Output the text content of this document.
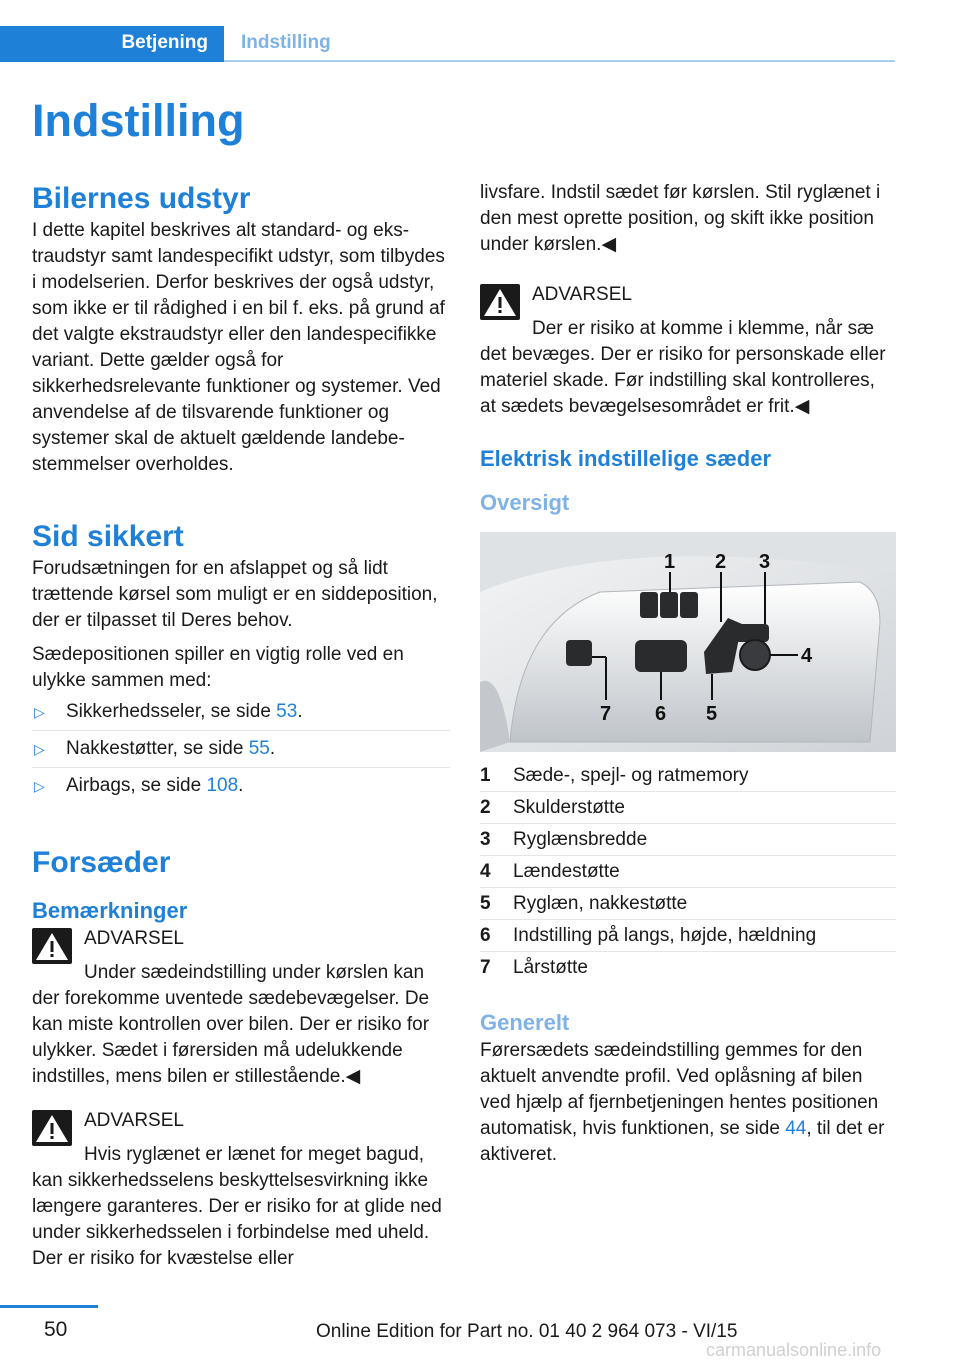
Betjening Indstilling
Indstilling
Bilernes udstyr

I dette kapitel beskrives alt standard- og ekstraudstyr samt landespecifikt udstyr, som tilbydes i modelserien. Derfor beskrives der også udstyr, som ikke er til rådighed i en bil f. eks. på grund af det valgte ekstraudstyr eller den landespecifikke variant. Dette gælder også for sikkerhedsrelevante funktioner og systemer. Ved anvendelse af de tilsvarende funktioner og systemer skal de aktuelt gældende landebestemmelser overholdes.

Sid sikkert

Forudsætningen for en afslappet og så lidt trættende kørsel som muligt er en siddeposition, der er tilpasset til Deres behov.

Sædepositionen spiller en vigtig rolle ved en ulykke sammen med:

▷ Sikkerhedsseler, se side 53.
▷ Nakkestøtter, se side 55.
▷ Airbags, se side 108.
Forsæder
Bemærkninger
ADVARSEL
Under sædeindstilling under kørslen kan

der forekomme uventede sædebevægelser. De kan miste kontrollen over bilen. Der er risiko for ulykker. Sædet i førersiden må udelukkende indstilles, mens bilen er stillestående.◀

ADVARSEL
Hvis ryglænet er lænet for meget bagud,

kan sikkerhedsselens beskyttelsesvirkning ikke længere garanteres. Der er risiko for at glide ned under sikkerhedsselen i forbindelse med uheld. Der er risiko for kvæstelse eller

livsfare. Indstil sædet før kørslen. Stil ryglænet i den mest oprette position, og skift ikke position under kørslen.◀

ADVARSEL
Der er risiko at komme i klemme, når sæ

det bevæges. Der er risiko for personskade eller materiel skade. Før indstilling skal kontrolleres, at sædets bevægelsesområdet er frit.◀

Elektrisk indstillelige sæder
Oversigt
1 2 3
4
5
6
7
1	Sæde-, spejl- og ratmemory
2	Skulderstøtte
3	Ryglænsbredde
4	Lændestøtte
5	Ryglæn, nakkestøtte
6	Indstilling på langs, højde, hældning
7	Lårstøtte
Generelt

Førersædets sædeindstilling gemmes for den aktuelt anvendte profil. Ved oplåsning af bilen ved hjælp af fjernbetjeningen hentes positionen automatisk, hvis funktionen, se side 44, til det er aktiveret.

50	Online Edition for Part no. 01 40 2 964 073 - VI/15
carmanualsonline.info
